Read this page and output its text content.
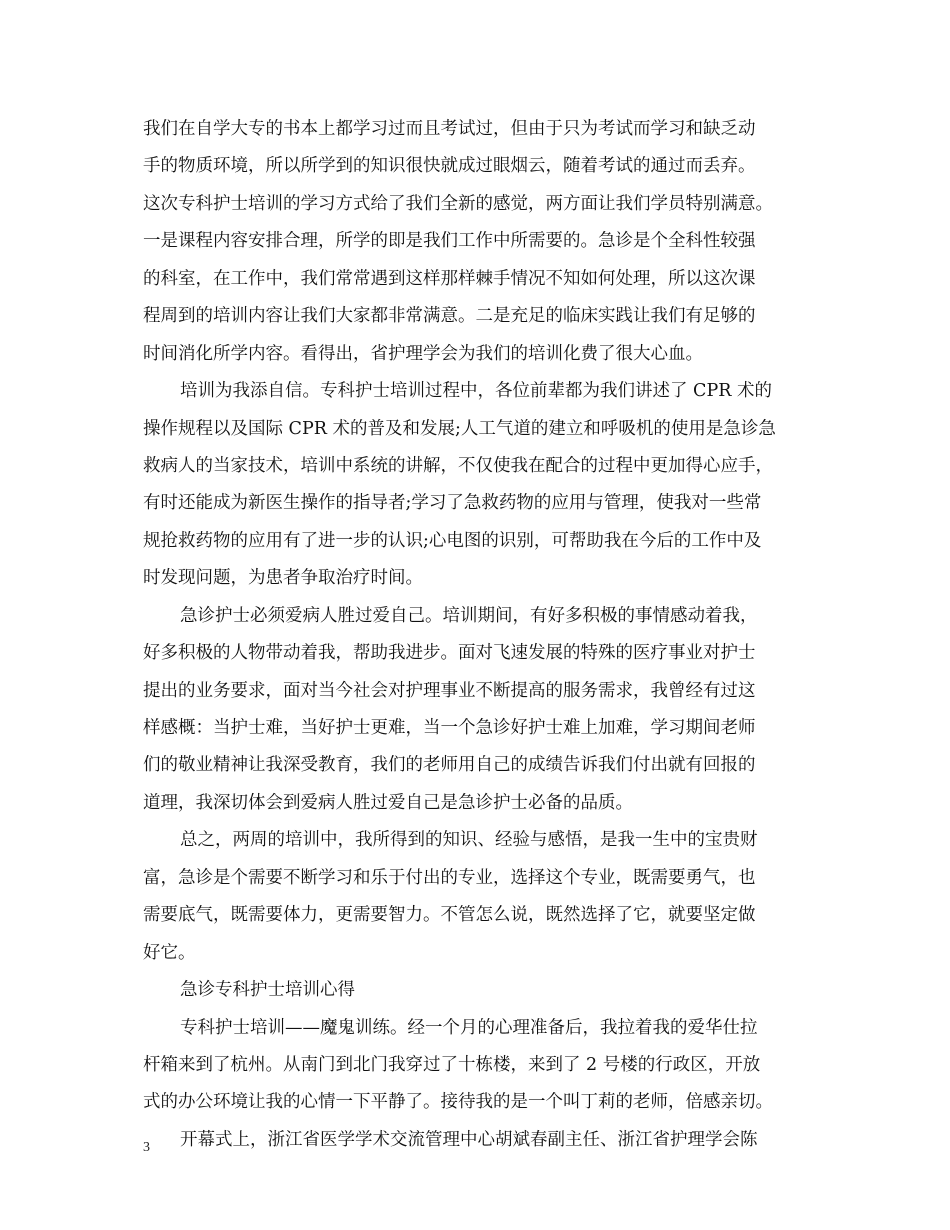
我们在自学大专的书本上都学习过而且考试过，但由于只为考试而学习和缺乏动
手的物质环境，所以所学到的知识很快就成过眼烟云，随着考试的通过而丢弃。
这次专科护士培训的学习方式给了我们全新的感觉，两方面让我们学员特别满意。
一是课程内容安排合理，所学的即是我们工作中所需要的。急诊是个全科性较强
的科室，在工作中，我们常常遇到这样那样棘手情况不知如何处理，所以这次课
程周到的培训内容让我们大家都非常满意。二是充足的临床实践让我们有足够的
时间消化所学内容。看得出，省护理学会为我们的培训化费了很大心血。
培训为我添自信。专科护士培训过程中，各位前辈都为我们讲述了 CPR 术的
操作规程以及国际 CPR 术的普及和发展;人工气道的建立和呼吸机的使用是急诊急
救病人的当家技术，培训中系统的讲解，不仅使我在配合的过程中更加得心应手，
有时还能成为新医生操作的指导者;学习了急救药物的应用与管理，使我对一些常
规抢救药物的应用有了进一步的认识;心电图的识别，可帮助我在今后的工作中及
时发现问题，为患者争取治疗时间。
急诊护士必须爱病人胜过爱自己。培训期间，有好多积极的事情感动着我，
好多积极的人物带动着我，帮助我进步。面对飞速发展的特殊的医疗事业对护士
提出的业务要求，面对当今社会对护理事业不断提高的服务需求，我曾经有过这
样感概：当护士难，当好护士更难，当一个急诊好护士难上加难，学习期间老师
们的敬业精神让我深受教育，我们的老师用自己的成绩告诉我们付出就有回报的
道理，我深切体会到爱病人胜过爱自己是急诊护士必备的品质。
总之，两周的培训中，我所得到的知识、经验与感悟，是我一生中的宝贵财
富，急诊是个需要不断学习和乐于付出的专业，选择这个专业，既需要勇气，也
需要底气，既需要体力，更需要智力。不管怎么说，既然选择了它，就要坚定做
好它。
急诊专科护士培训心得
专科护士培训——魔鬼训练。经一个月的心理准备后，我拉着我的爱华仕拉
杆箱来到了杭州。从南门到北门我穿过了十栋楼，来到了 2 号楼的行政区，开放
式的办公环境让我的心情一下平静了。接待我的是一个叫丁莉的老师，倍感亲切。
开幕式上，浙江省医学学术交流管理中心胡斌春副主任、浙江省护理学会陈
3
